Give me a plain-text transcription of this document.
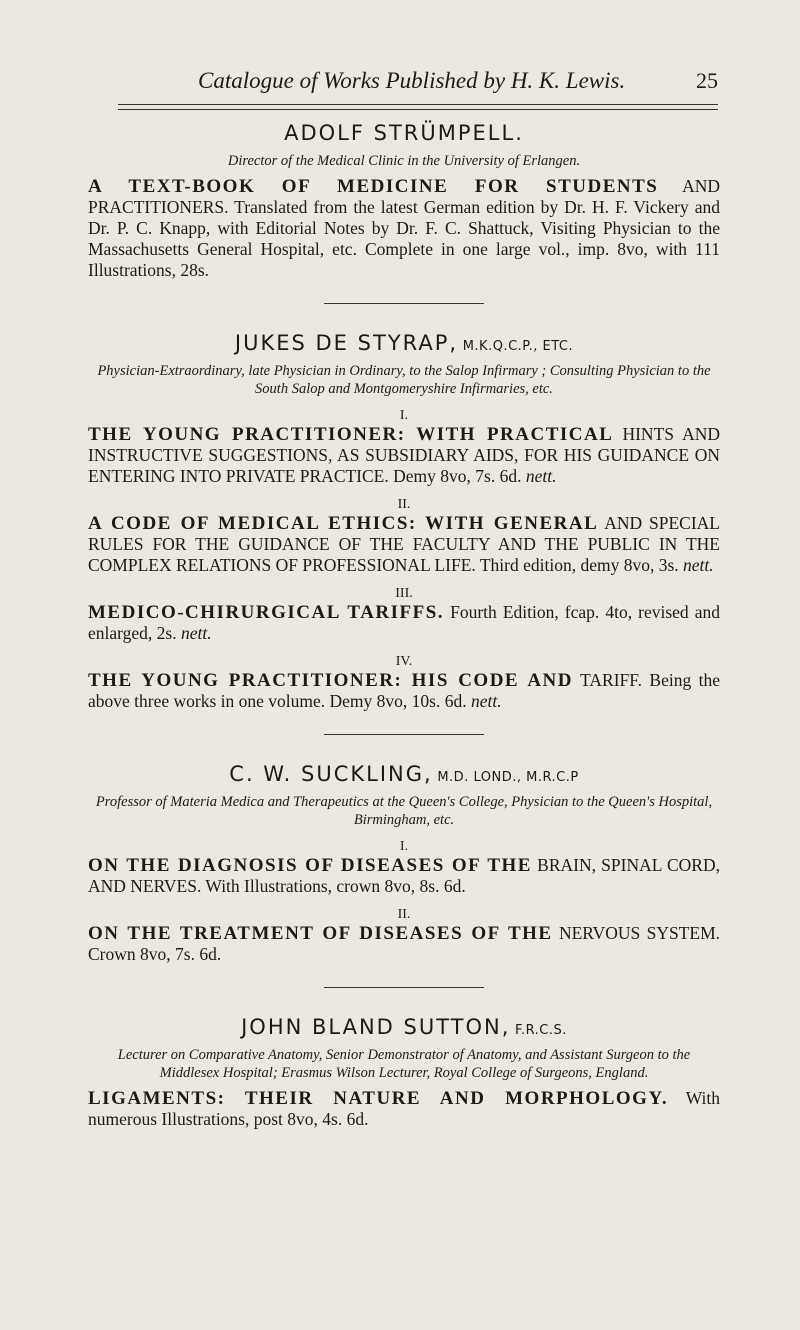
Catalogue of Works Published by H. K. Lewis.	25

ADOLF STRÜMPELL.

Director of the Medical Clinic in the University of Erlangen.

A TEXT-BOOK OF MEDICINE FOR STUDENTS AND PRACTITIONERS. Translated from the latest German edition by Dr. H. F. Vickery and Dr. P. C. Knapp, with Editorial Notes by Dr. F. C. Shattuck, Visiting Physician to the Massachusetts General Hospital, etc. Complete in one large vol., imp. 8vo, with 111 Illustrations, 28s.

JUKES DE STYRAP, M.K.Q.C.P., ETC.

Physician-Extraordinary, late Physician in Ordinary, to the Salop Infirmary ; Consulting Physician to the South Salop and Montgomeryshire Infirmaries, etc.

I.

THE YOUNG PRACTITIONER: WITH PRACTICAL HINTS AND INSTRUCTIVE SUGGESTIONS, AS SUBSIDIARY AIDS, FOR HIS GUIDANCE ON ENTERING INTO PRIVATE PRACTICE. Demy 8vo, 7s. 6d. nett.

II.

A CODE OF MEDICAL ETHICS: WITH GENERAL AND SPECIAL RULES FOR THE GUIDANCE OF THE FACULTY AND THE PUBLIC IN THE COMPLEX RELATIONS OF PROFESSIONAL LIFE. Third edition, demy 8vo, 3s. nett.

III.

MEDICO-CHIRURGICAL TARIFFS. Fourth Edition, fcap. 4to, revised and enlarged, 2s. nett.

IV.

THE YOUNG PRACTITIONER: HIS CODE AND TARIFF. Being the above three works in one volume. Demy 8vo, 10s. 6d. nett.

C. W. SUCKLING, M.D. LOND., M.R.C.P

Professor of Materia Medica and Therapeutics at the Queen's College, Physician to the Queen's Hospital, Birmingham, etc.

I.

ON THE DIAGNOSIS OF DISEASES OF THE BRAIN, SPINAL CORD, AND NERVES. With Illustrations, crown 8vo, 8s. 6d.

II.

ON THE TREATMENT OF DISEASES OF THE NERVOUS SYSTEM. Crown 8vo, 7s. 6d.

JOHN BLAND SUTTON, F.R.C.S.

Lecturer on Comparative Anatomy, Senior Demonstrator of Anatomy, and Assistant Surgeon to the Middlesex Hospital; Erasmus Wilson Lecturer, Royal College of Surgeons, England.

LIGAMENTS: THEIR NATURE AND MORPHOLOGY. With numerous Illustrations, post 8vo, 4s. 6d.
